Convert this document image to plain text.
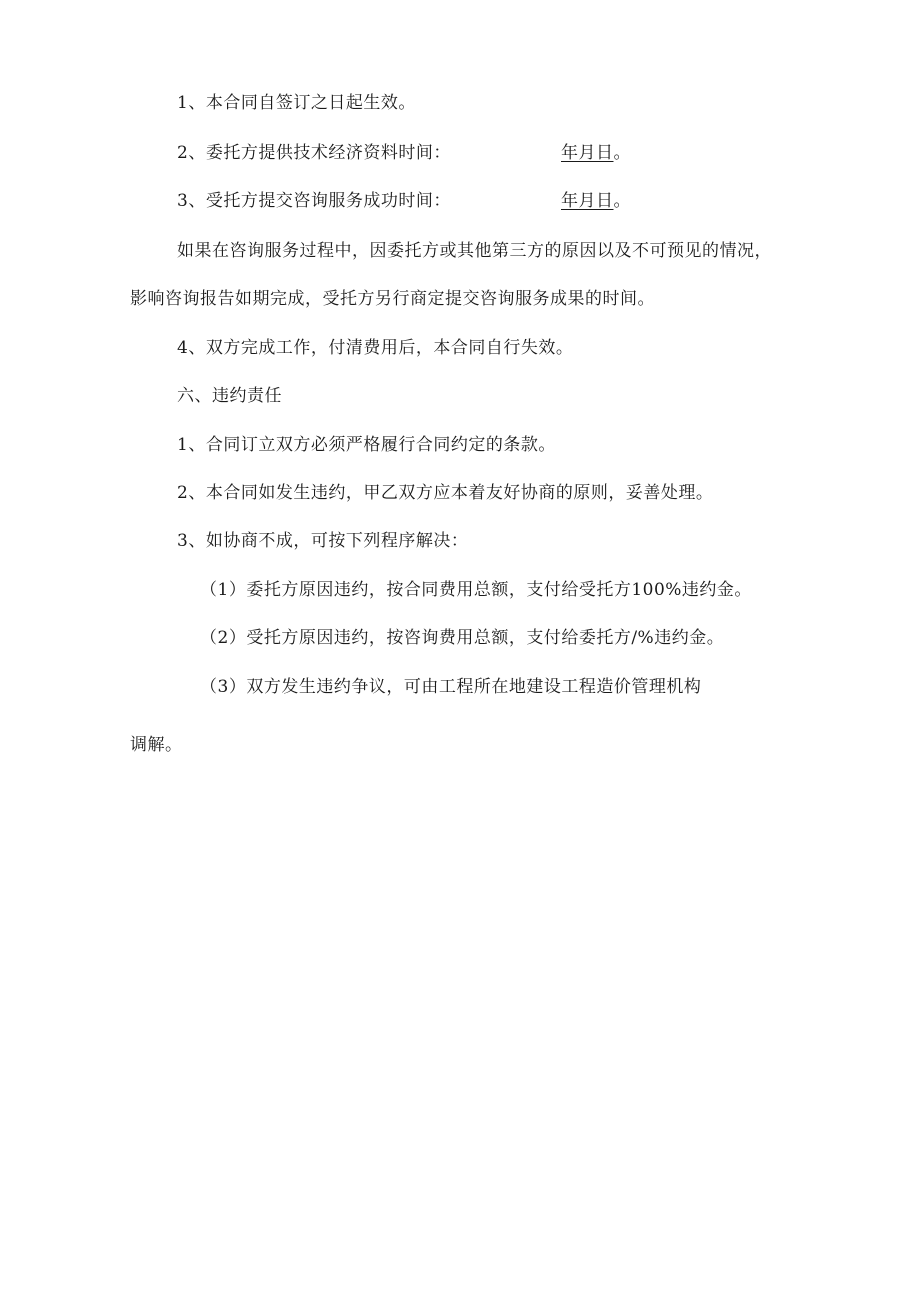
1、本合同自签订之日起生效。
2、委托方提供技术经济资料时间：	年月日。
3、受托方提交咨询服务成功时间：	年月日。
如果在咨询服务过程中，因委托方或其他第三方的原因以及不可预见的情况，
影响咨询报告如期完成，受托方另行商定提交咨询服务成果的时间。
4、双方完成工作，付清费用后，本合同自行失效。
六、违约责任
1、合同订立双方必须严格履行合同约定的条款。
2、本合同如发生违约，甲乙双方应本着友好协商的原则，妥善处理。
3、如协商不成，可按下列程序解决：
（1）委托方原因违约，按合同费用总额，支付给受托方100%违约金。
（2）受托方原因违约，按咨询费用总额，支付给委托方/%违约金。
（3）双方发生违约争议，可由工程所在地建设工程造价管理机构
调解。
